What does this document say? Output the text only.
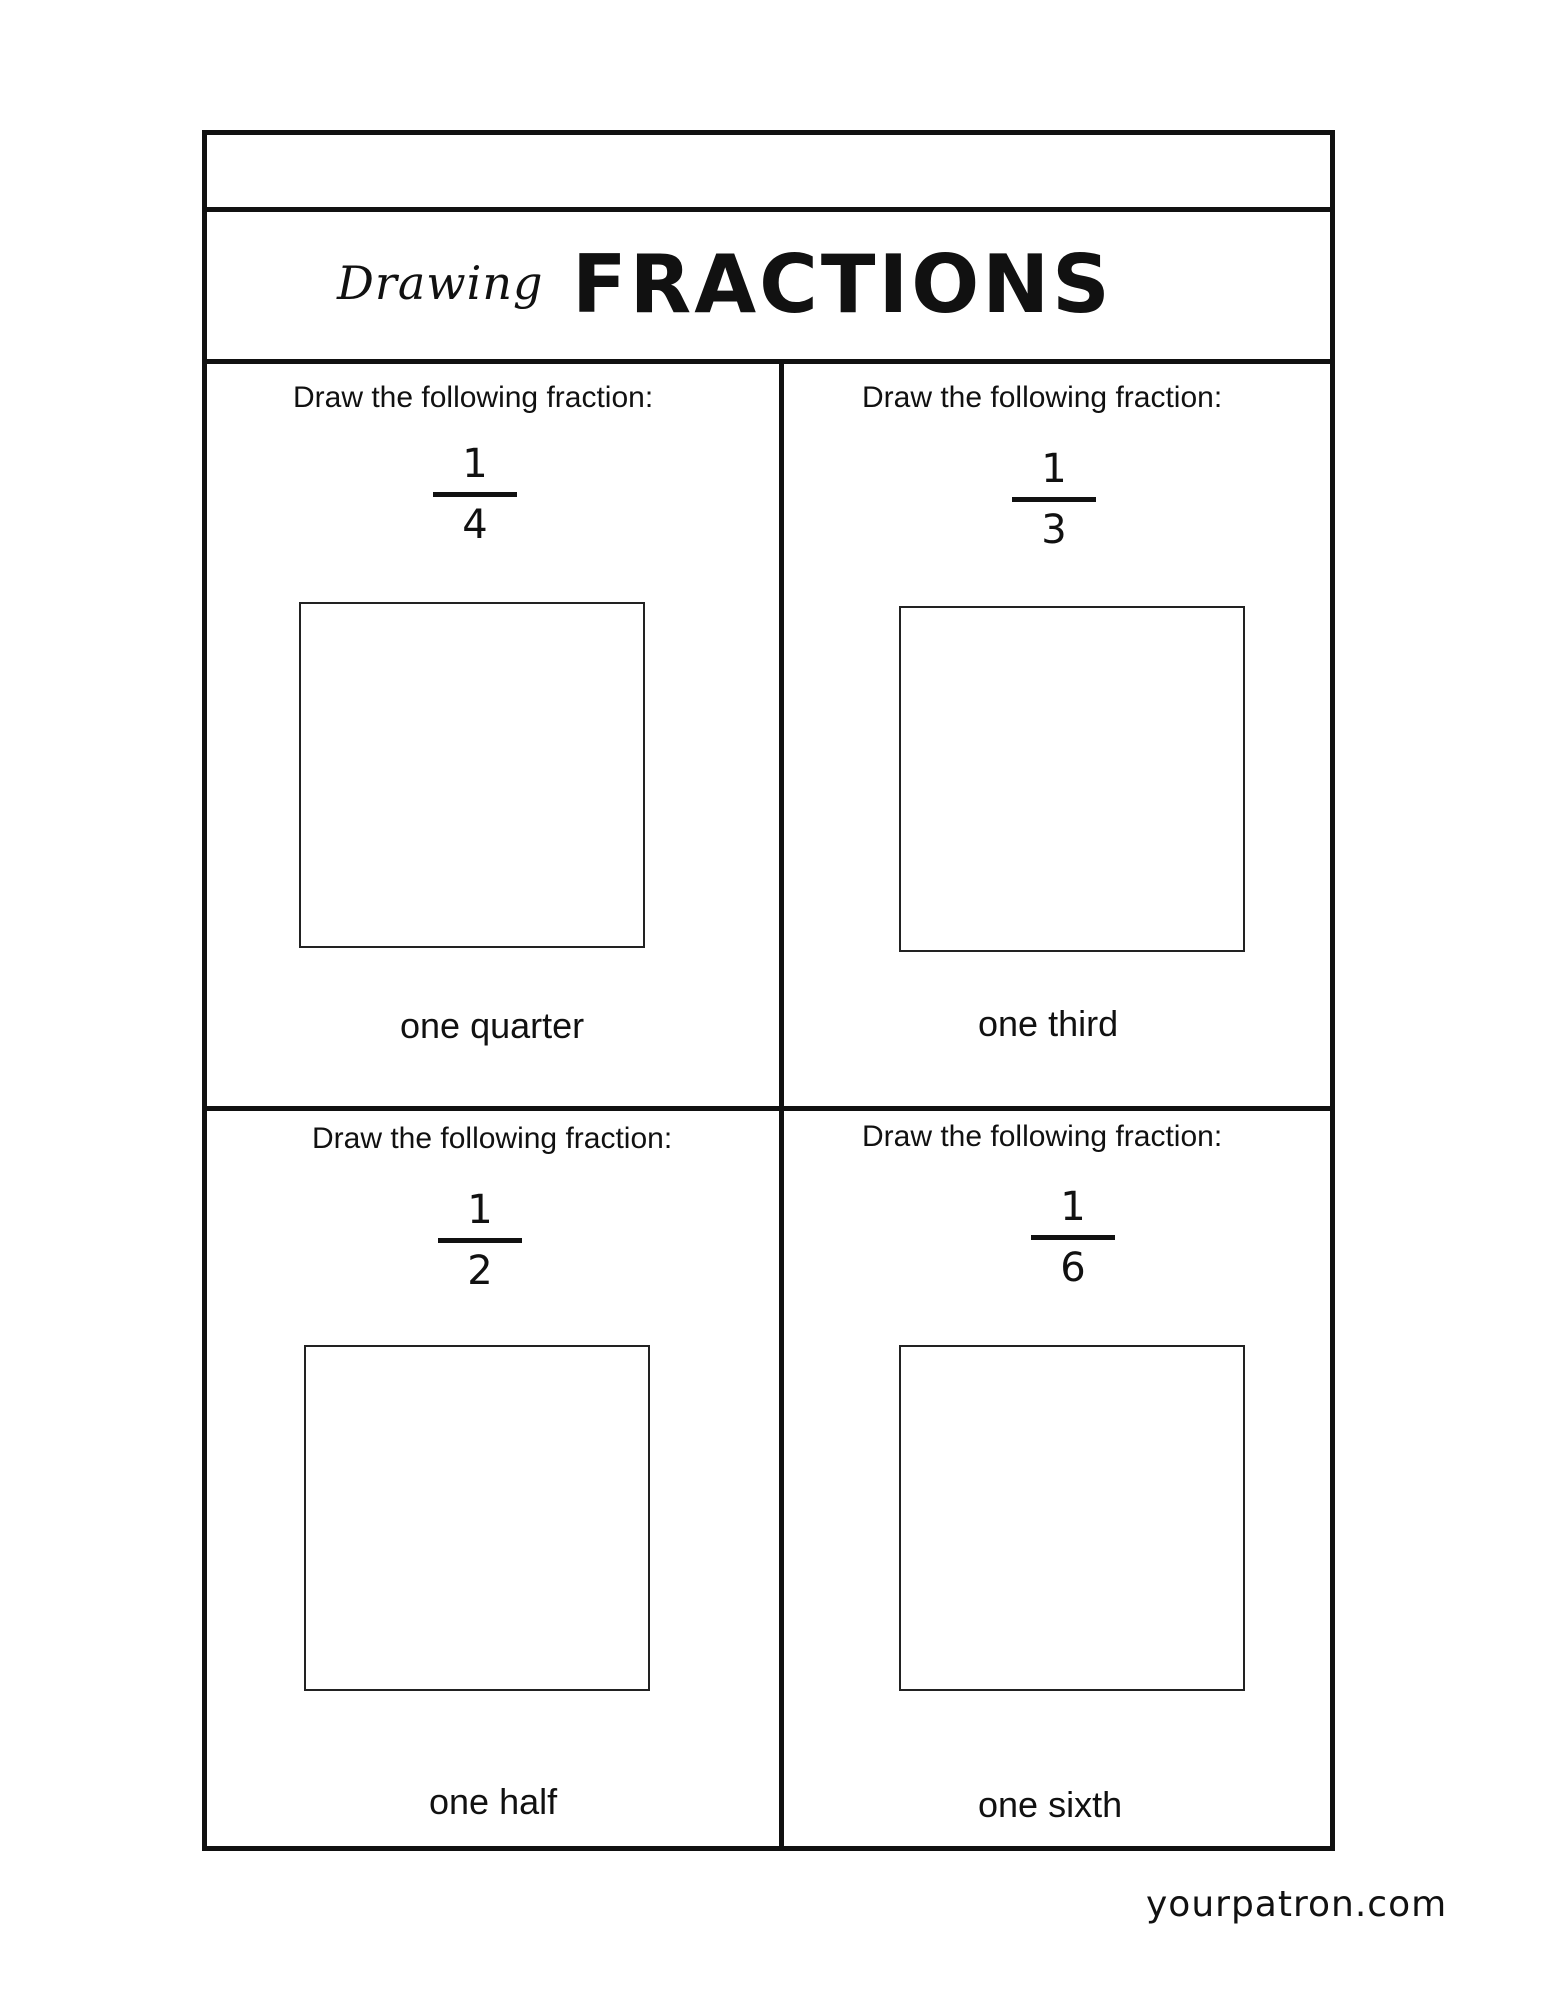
Drawing FRACTIONS
Draw the following fraction:
1
4
one quarter
Draw the following fraction:
1
3
one third
Draw the following fraction:
1
2
one half
Draw the following fraction:
1
6
one sixth
yourpatron.com
